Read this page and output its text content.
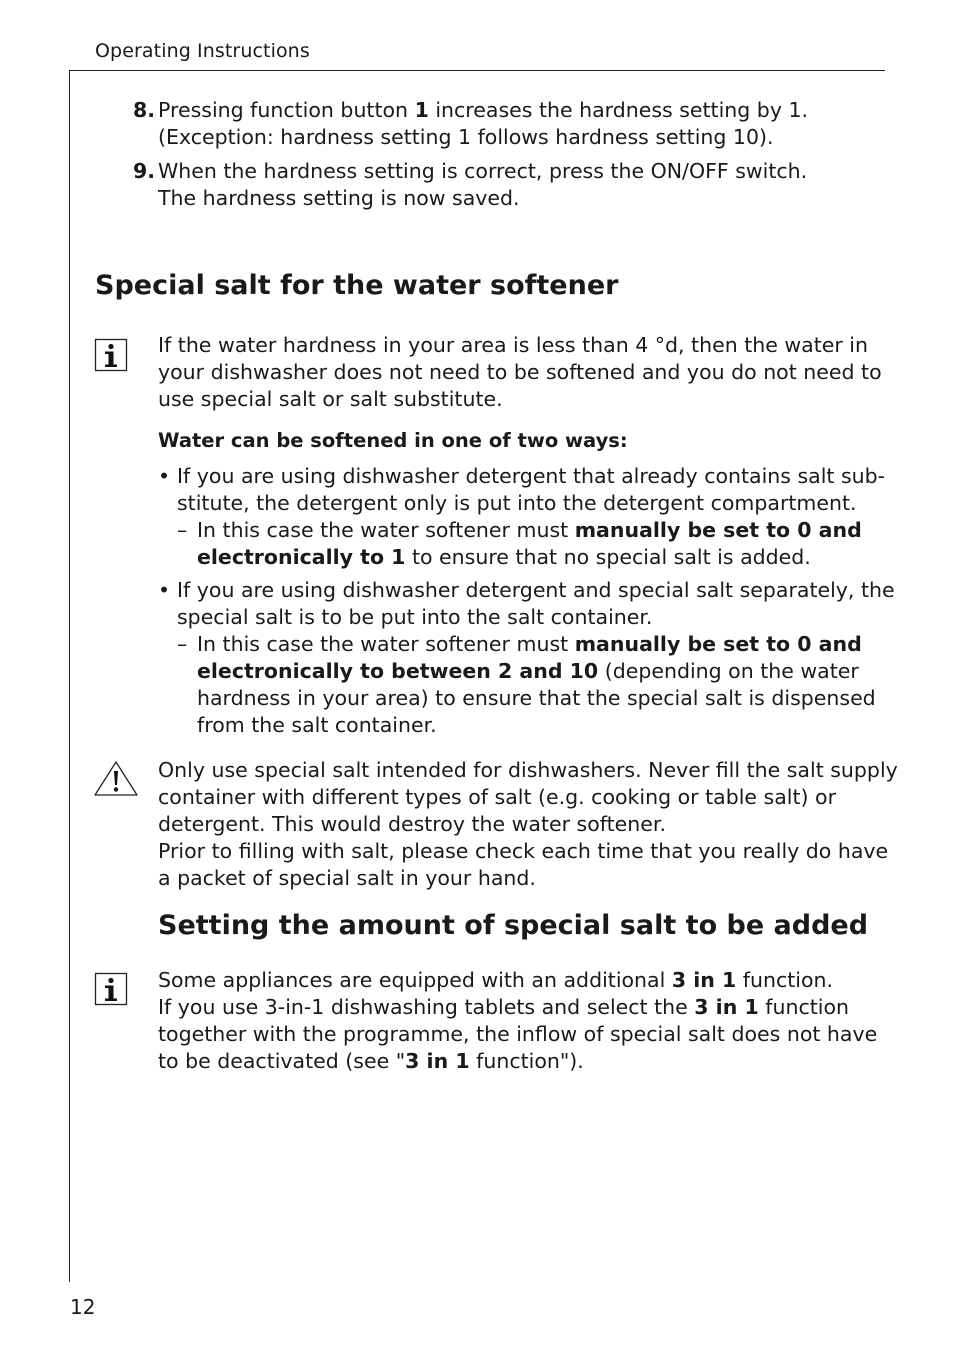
Operating Instructions
8. Pressing function button 1 increases the hardness setting by 1.
(Exception: hardness setting 1 follows hardness setting 10).
9. When the hardness setting is correct, press the ON/OFF switch.
The hardness setting is now saved.
Special salt for the water softener
If the water hardness in your area is less than 4 °d, then the water in
your dishwasher does not need to be softened and you do not need to
use special salt or salt substitute.
Water can be softened in one of two ways:
• If you are using dishwasher detergent that already contains salt sub-
stitute, the detergent only is put into the detergent compartment.
– In this case the water softener must manually be set to 0 and
electronically to 1 to ensure that no special salt is added.
• If you are using dishwasher detergent and special salt separately, the
special salt is to be put into the salt container.
– In this case the water softener must manually be set to 0 and
electronically to between 2 and 10 (depending on the water
hardness in your area) to ensure that the special salt is dispensed
from the salt container.
Only use special salt intended for dishwashers. Never fill the salt supply
container with different types of salt (e.g. cooking or table salt) or
detergent. This would destroy the water softener.
Prior to filling with salt, please check each time that you really do have
a packet of special salt in your hand.
Setting the amount of special salt to be added
Some appliances are equipped with an additional 3 in 1 function.
If you use 3-in-1 dishwashing tablets and select the 3 in 1 function
together with the programme, the inflow of special salt does not have
to be deactivated (see "3 in 1 function").
12
